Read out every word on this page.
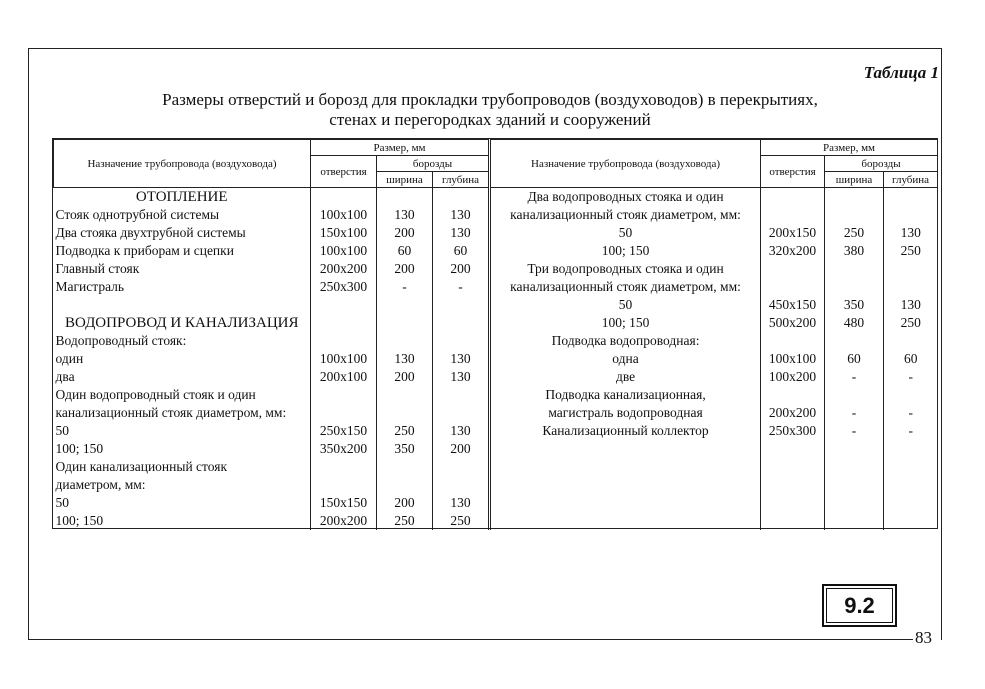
Таблица 1
Размеры отверстий и борозд для прокладки трубопроводов (воздуховодов) в перекрытиях,
стенах и перегородках зданий и сооружений
Назначение трубопровода (воздуховода)	Размер, мм			Назначение трубопровода (воздуховода)	Размер, мм		
	отверстия	борозды			отверстия	борозды	
		ширина	глубина			ширина	глубина
ОТОПЛЕНИЕ				Два водопроводных стояка и один			
Стояк однотрубной системы	100x100	130	130	канализационный стояк диаметром, мм:			
Два стояка двухтрубной системы	150x100	200	130	50	200x150	250	130
Подводка к приборам и сцепки	100x100	60	60	100; 150	320x200	380	250
Главный стояк	200x200	200	200	Три водопроводных стояка и один			
Магистраль	250x300	-	-	канализационный стояк диаметром, мм:			
				50	450x150	350	130
ВОДОПРОВОД И КАНАЛИЗАЦИЯ				100; 150	500x200	480	250
Водопроводный стояк:				Подводка водопроводная:			
один	100x100	130	130	одна	100x100	60	60
два	200x100	200	130	две	100x200	-	-
Один водопроводный стояк и один				Подводка канализационная,			
канализационный стояк диаметром, мм:				магистраль водопроводная	200x200	-	-
50	250x150	250	130	Канализационный коллектор	250x300	-	-
100; 150	350x200	350	200				
Один канализационный стояк							
диаметром, мм:							
50	150x150	200	130				
100; 150	200x200	250	250				
9.2
83
